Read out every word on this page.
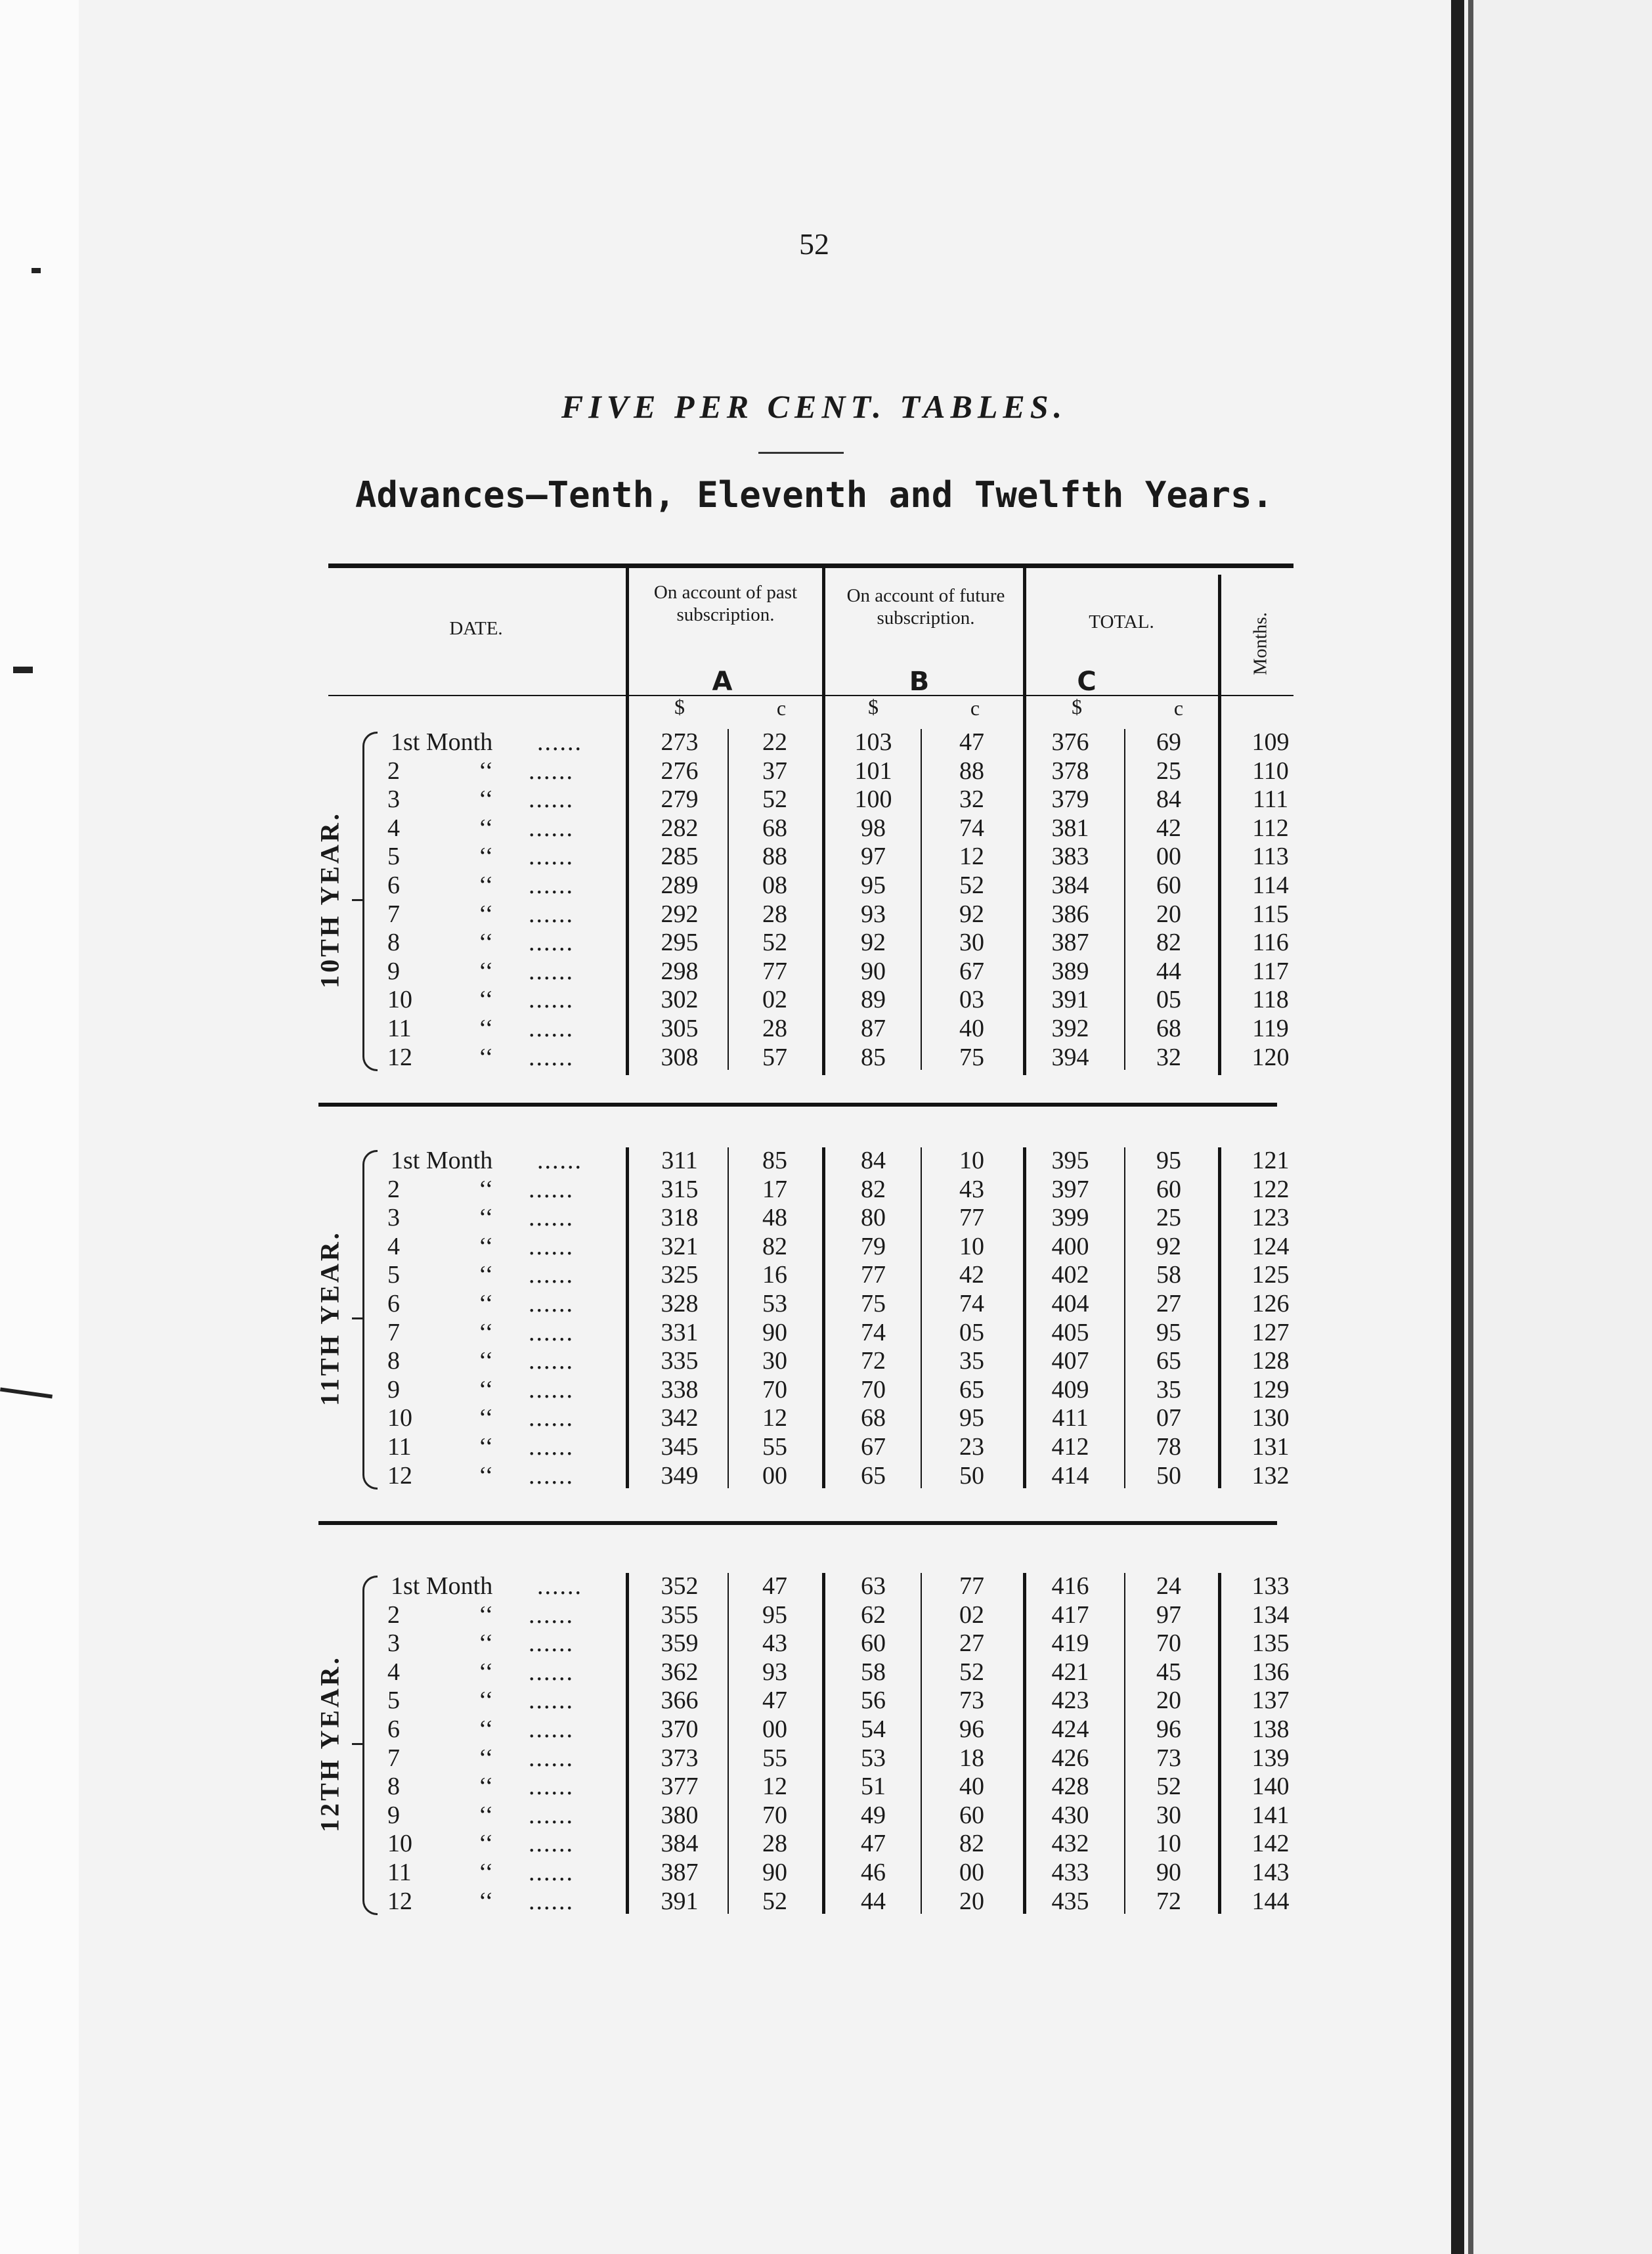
52
FIVE PER CENT. TABLES.
Advances—Tenth, Eleventh and Twelfth Years.
DATE.
On account of past subscription.
On account of future subscription.	TOTAL.	Months.
A	B	C
$	c	$	c	$	c
1st Month	......	273	22	103	47	376	69	109
2	‘‘	......	276	37	101	88	378	25	110
3	‘‘	......	279	52	100	32	379	84	111
4	‘‘	......	282	68	98	74	381	42	112
5	‘‘	......	285	88	97	12	383	00	113
6	‘‘	......	289	08	95	52	384	60	114
7	‘‘	......	292	28	93	92	386	20	115
8	‘‘	......	295	52	92	30	387	82	116
9	‘‘	......	298	77	90	67	389	44	117
10	‘‘	......	302	02	89	03	391	05	118
11	‘‘	......	305	28	87	40	392	68	119
12	‘‘	......	308	57	85	75	394	32	120
10TH YEAR.
1st Month	......	311	85	84	10	395	95	121
2	‘‘	......	315	17	82	43	397	60	122
3	‘‘	......	318	48	80	77	399	25	123
4	‘‘	......	321	82	79	10	400	92	124
5	‘‘	......	325	16	77	42	402	58	125
6	‘‘	......	328	53	75	74	404	27	126
7	‘‘	......	331	90	74	05	405	95	127
8	‘‘	......	335	30	72	35	407	65	128
9	‘‘	......	338	70	70	65	409	35	129
10	‘‘	......	342	12	68	95	411	07	130
11	‘‘	......	345	55	67	23	412	78	131
12	‘‘	......	349	00	65	50	414	50	132
11TH YEAR.
1st Month	......	352	47	63	77	416	24	133
2	‘‘	......	355	95	62	02	417	97	134
3	‘‘	......	359	43	60	27	419	70	135
4	‘‘	......	362	93	58	52	421	45	136
5	‘‘	......	366	47	56	73	423	20	137
6	‘‘	......	370	00	54	96	424	96	138
7	‘‘	......	373	55	53	18	426	73	139
8	‘‘	......	377	12	51	40	428	52	140
9	‘‘	......	380	70	49	60	430	30	141
10	‘‘	......	384	28	47	82	432	10	142
11	‘‘	......	387	90	46	00	433	90	143
12	‘‘	......	391	52	44	20	435	72	144
12TH YEAR.
